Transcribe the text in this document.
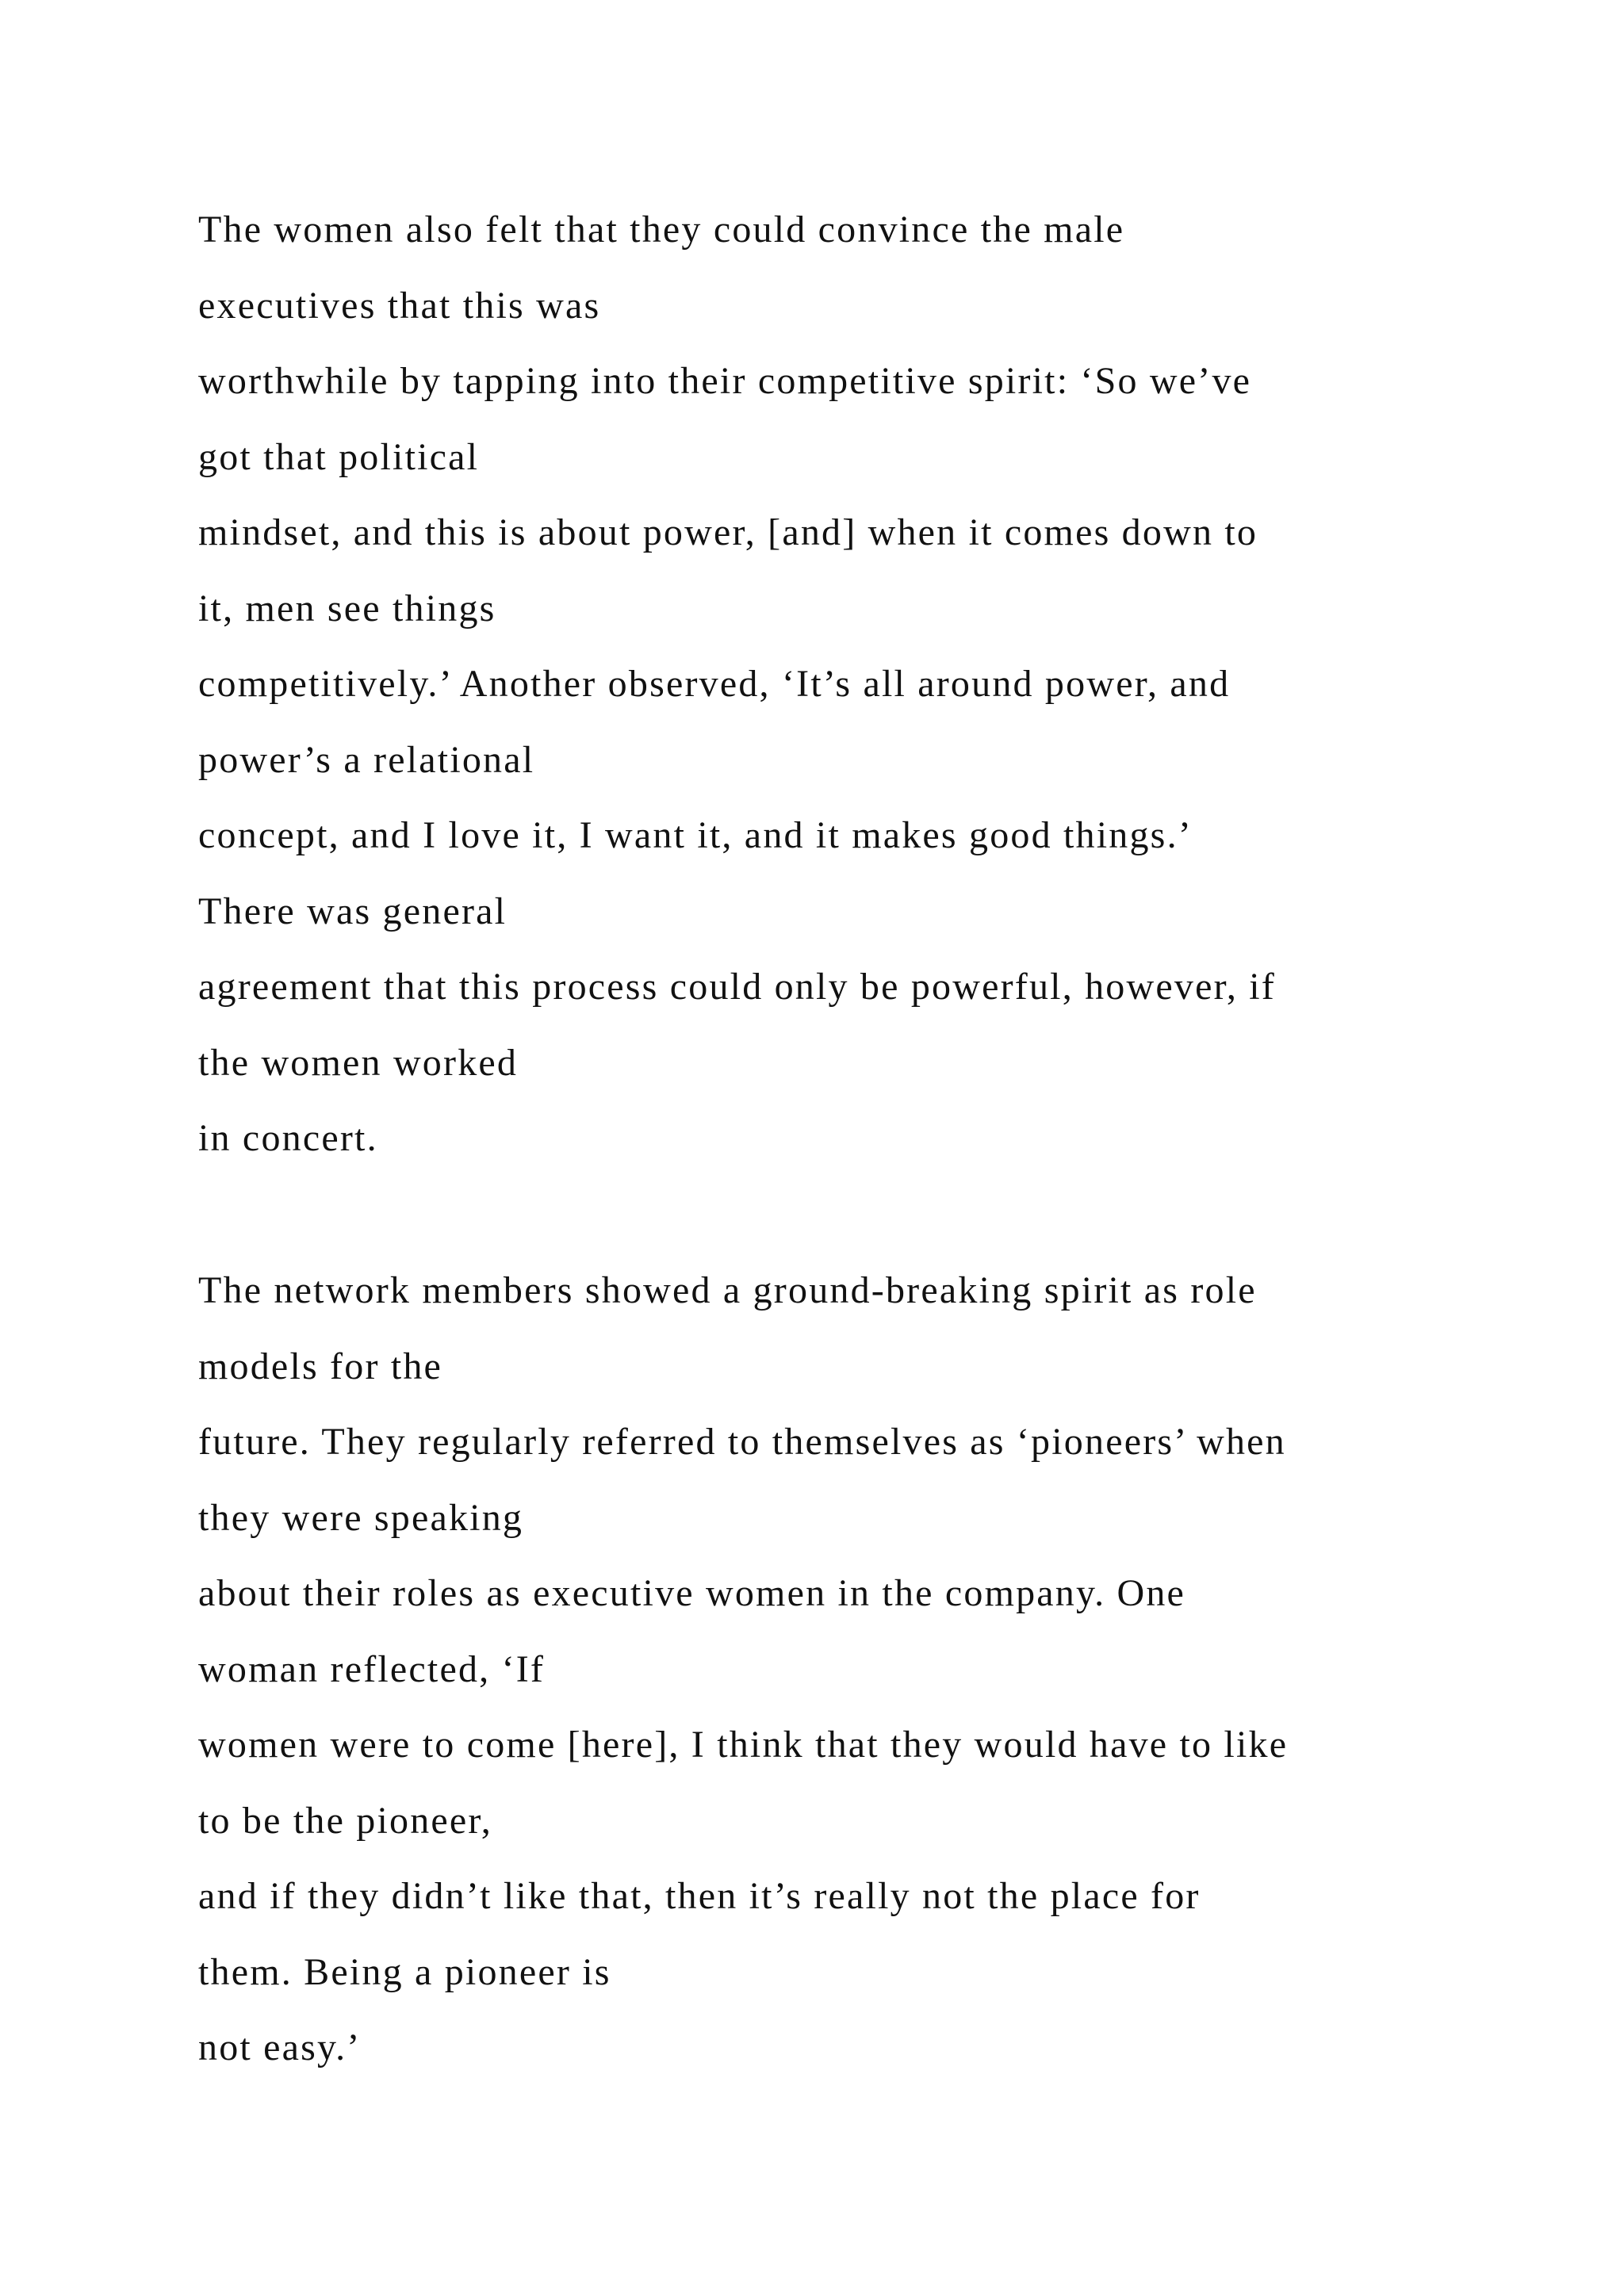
The women also felt that they could convince the male
executives that this was
worthwhile by tapping into their competitive spirit: ‘So we’ve
got that political
mindset, and this is about power, [and] when it comes down to
it, men see things
competitively.’ Another observed, ‘It’s all around power, and
power’s a relational
concept, and I love it, I want it, and it makes good things.’
There was general
agreement that this process could only be powerful, however, if
the women worked
in concert.
The network members showed a ground-breaking spirit as role
models for the
future. They regularly referred to themselves as ‘pioneers’ when
they were speaking
about their roles as executive women in the company. One
woman reflected, ‘If
women were to come [here], I think that they would have to like
to be the pioneer,
and if they didn’t like that, then it’s really not the place for
them. Being a pioneer is
not easy.’
